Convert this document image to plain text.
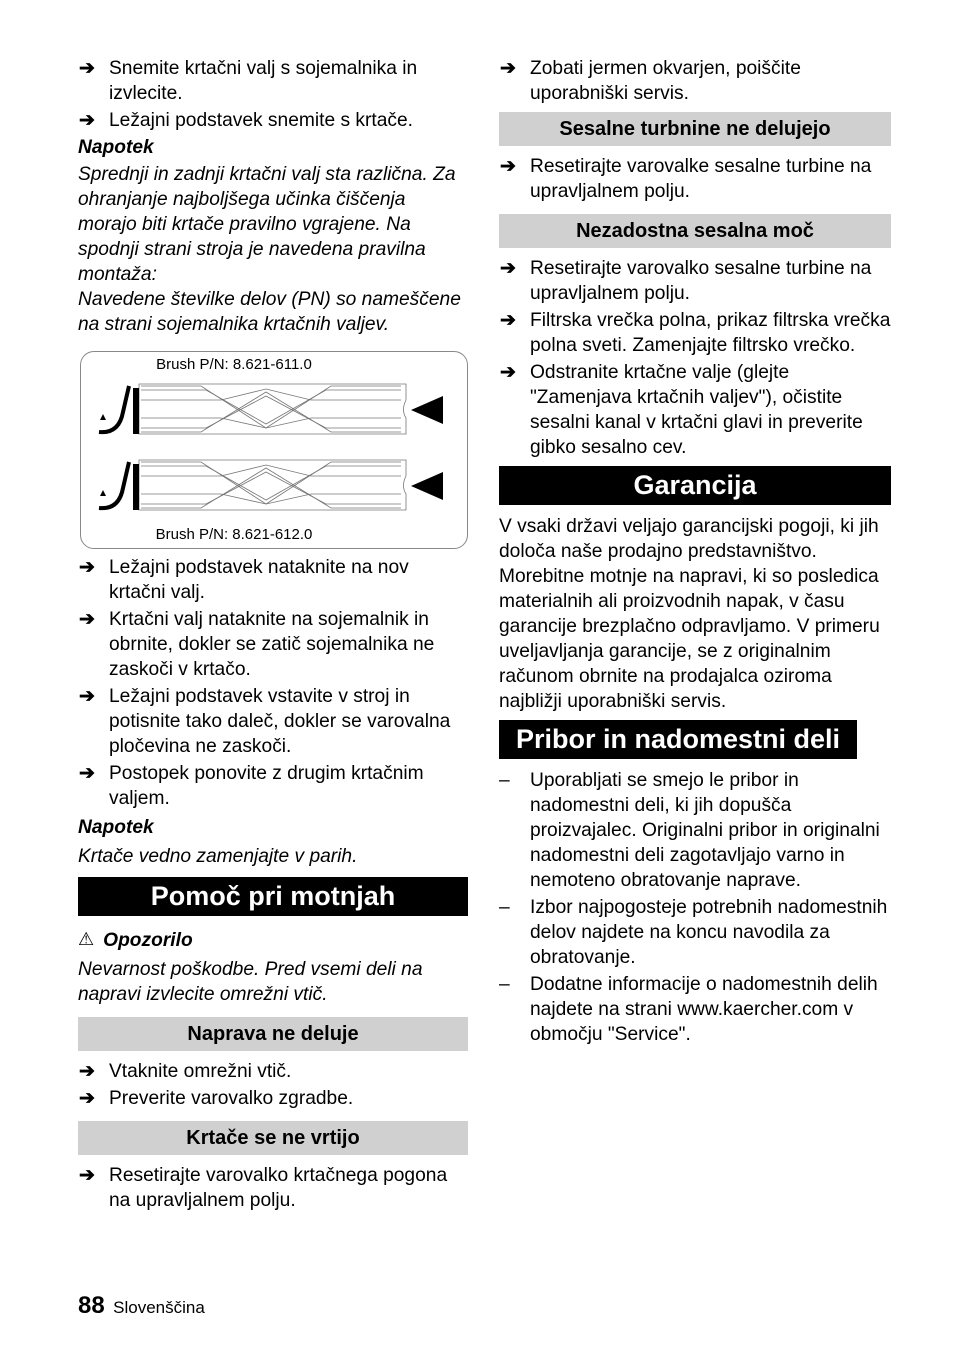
➔ Snemite krtačni valj s sojemalnika in izvlecite.
➔ Ležajni podstavek snemite s krtače.
Napotek
Sprednji in zadnji krtačni valj sta različna. Za ohranjanje najboljšega učinka čiščenja morajo biti krtače pravilno vgrajene. Na spodnji strani stroja je navedena pravilna montaža:
Navedene številke delov (PN) so nameščene na strani sojemalnika krtačnih valjev.
Brush P/N: 8.621-611.0
Brush P/N: 8.621-612.0
➔ Ležajni podstavek nataknite na nov krtačni valj.
➔ Krtačni valj nataknite na sojemalnik in obrnite, dokler se zatič sojemalnika ne zaskoči v krtačo.
➔ Ležajni podstavek vstavite v stroj in potisnite tako daleč, dokler se varovalna pločevina ne zaskoči.
➔ Postopek ponovite z drugim krtačnim valjem.
Napotek
Krtače vedno zamenjajte v parih.
Pomoč pri motnjah
⚠ Opozorilo
Nevarnost poškodbe. Pred vsemi deli na napravi izvlecite omrežni vtič.
Naprava ne deluje
➔ Vtaknite omrežni vtič.
➔ Preverite varovalko zgradbe.
Krtače se ne vrtijo
➔ Resetirajte varovalko krtačnega pogona na upravljalnem polju.
➔ Zobati jermen okvarjen, poiščite uporabniški servis.
Sesalne turbnine ne delujejo
➔ Resetirajte varovalke sesalne turbine na upravljalnem polju.
Nezadostna sesalna moč
➔ Resetirajte varovalko sesalne turbine na upravljalnem polju.
➔ Filtrska vrečka polna, prikaz filtrska vrečka polna sveti. Zamenjajte filtrsko vrečko.
➔ Odstranite krtačne valje (glejte "Zamenjava krtačnih valjev"), očistite sesalni kanal v krtačni glavi in preverite gibko sesalno cev.
Garancija
V vsaki državi veljajo garancijski pogoji, ki jih določa naše prodajno predstavništvo. Morebitne motnje na napravi, ki so posledica materialnih ali proizvodnih napak, v času garancije brezplačno odpravljamo. V primeru uveljavljanja garancije, se z originalnim računom obrnite na prodajalca oziroma najbližji uporabniški servis.
Pribor in nadomestni deli
– Uporabljati se smejo le pribor in nadomestni deli, ki jih dopušča proizvajalec. Originalni pribor in originalni nadomestni deli zagotavljajo varno in nemoteno obratovanje naprave.
– Izbor najpogosteje potrebnih nadomestnih delov najdete na koncu navodila za obratovanje.
– Dodatne informacije o nadomestnih delih najdete na strani www.kaercher.com v območju "Service".
88 Slovenščina
